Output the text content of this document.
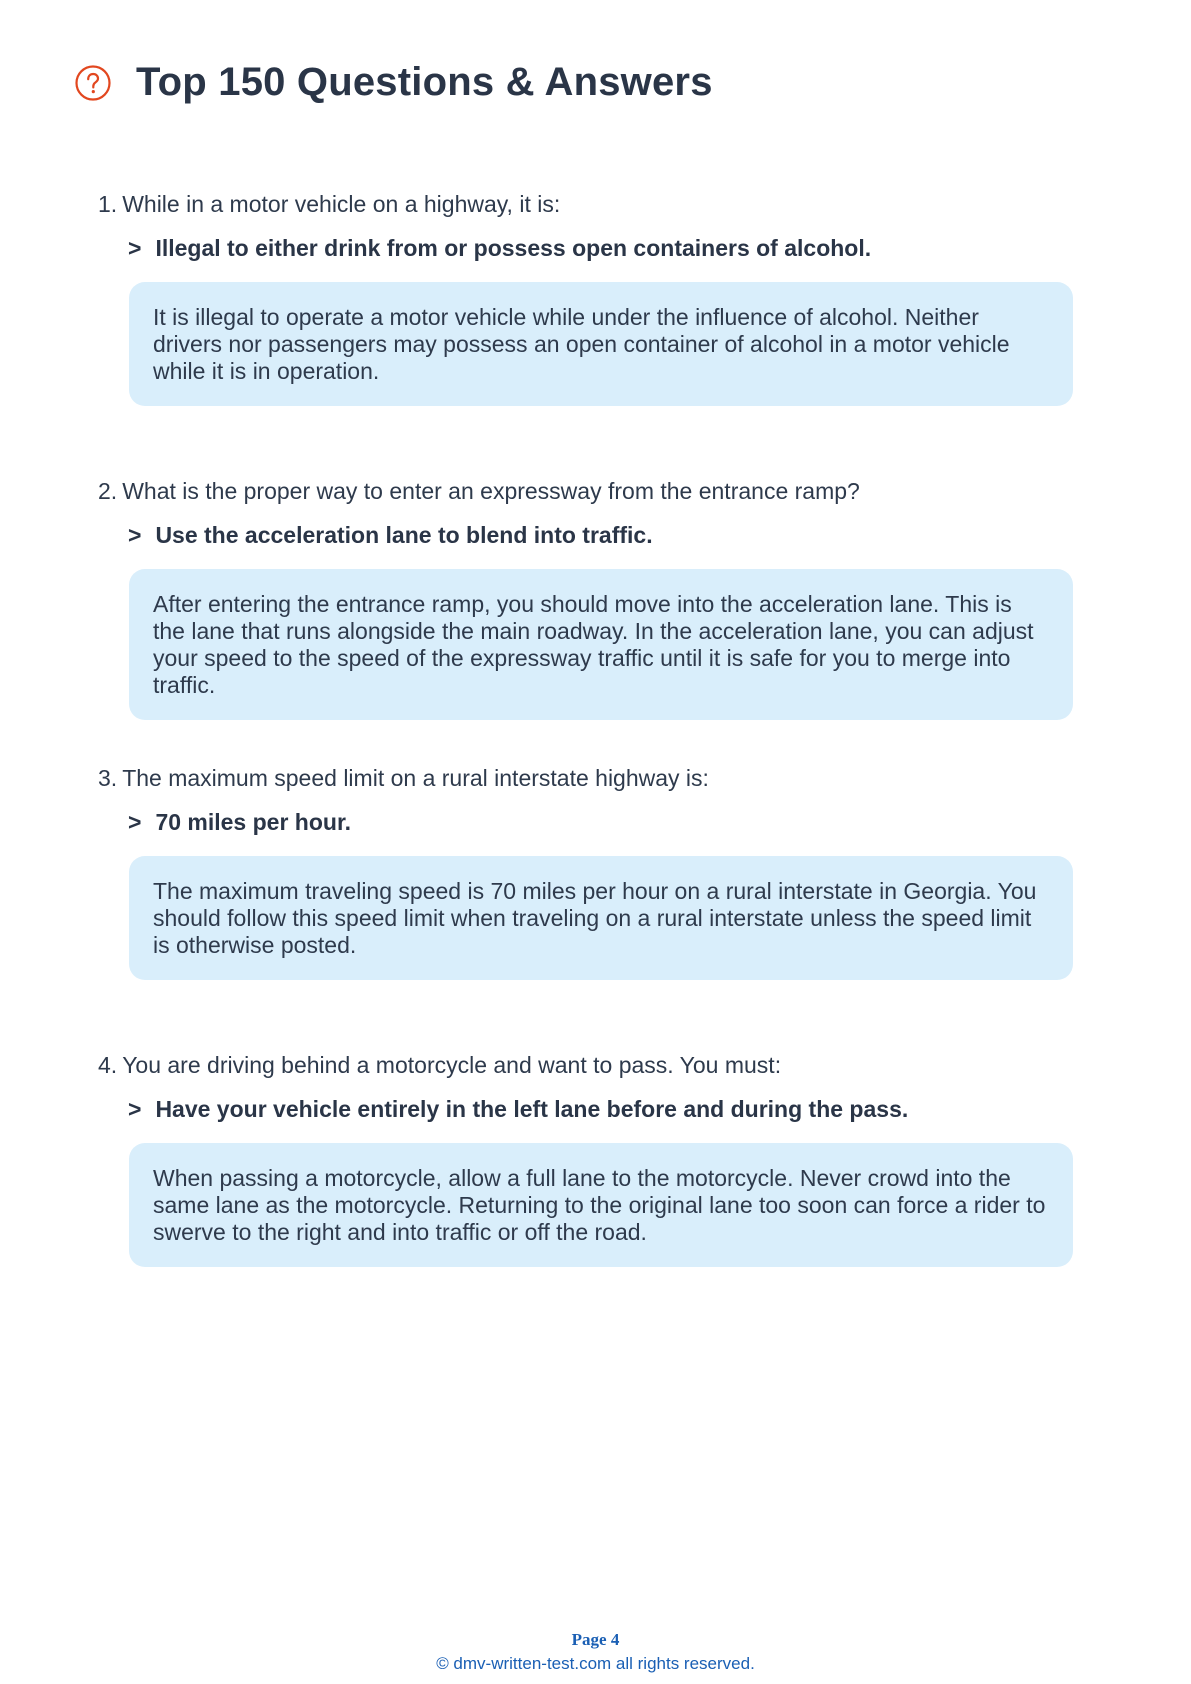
Top 150 Questions & Answers

1. While in a motor vehicle on a highway, it is:

> Illegal to either drink from or possess open containers of alcohol.
It is illegal to operate a motor vehicle while under the influence of alcohol. Neither drivers nor passengers may possess an open container of alcohol in a motor vehicle while it is in operation.

2. What is the proper way to enter an expressway from the entrance ramp?

> Use the acceleration lane to blend into traffic.
After entering the entrance ramp, you should move into the acceleration lane. This is the lane that runs alongside the main roadway. In the acceleration lane, you can adjust your speed to the speed of the expressway traffic until it is safe for you to merge into traffic.

3. The maximum speed limit on a rural interstate highway is:

> 70 miles per hour.
The maximum traveling speed is 70 miles per hour on a rural interstate in Georgia. You should follow this speed limit when traveling on a rural interstate unless the speed limit is otherwise posted.

4. You are driving behind a motorcycle and want to pass. You must:

> Have your vehicle entirely in the left lane before and during the pass.
When passing a motorcycle, allow a full lane to the motorcycle. Never crowd into the same lane as the motorcycle. Returning to the original lane too soon can force a rider to swerve to the right and into traffic or off the road.
Page 4
© dmv-written-test.com all rights reserved.
